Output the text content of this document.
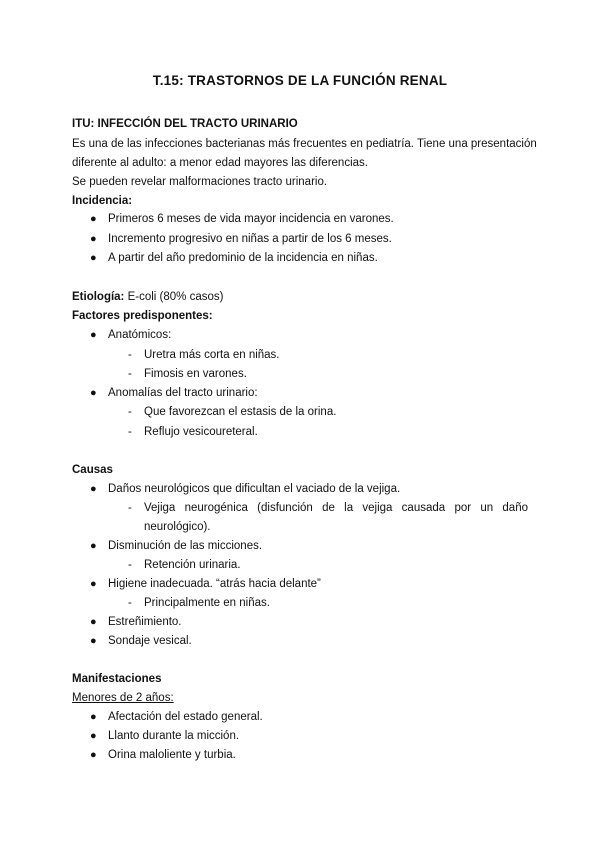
T.15: TRASTORNOS DE LA FUNCIÓN RENAL
ITU: INFECCIÓN DEL TRACTO URINARIO
Es una de las infecciones bacterianas más frecuentes en pediatría. Tiene una presentación
diferente al adulto: a menor edad mayores las diferencias.
Se pueden revelar malformaciones tracto urinario.
Incidencia:
● Primeros 6 meses de vida mayor incidencia en varones.
● Incremento progresivo en niñas a partir de los 6 meses.
● A partir del año predominio de la incidencia en niñas.
Etiología: E-coli (80% casos)
Factores predisponentes:
● Anatómicos:
- Uretra más corta en niñas.
- Fimosis en varones.
● Anomalías del tracto urinario:
- Que favorezcan el estasis de la orina.
- Reflujo vesicoureteral.
Causas
● Daños neurológicos que dificultan el vaciado de la vejiga.
- Vejiga neurogénica (disfunción de la vejiga causada por un daño
neurológico).
● Disminución de las micciones.
- Retención urinaria.
● Higiene inadecuada. “atrás hacia delante”
- Principalmente en niñas.
● Estreñimiento.
● Sondaje vesical.
Manifestaciones
Menores de 2 años:
● Afectación del estado general.
● Llanto durante la micción.
● Orina maloliente y turbia.
